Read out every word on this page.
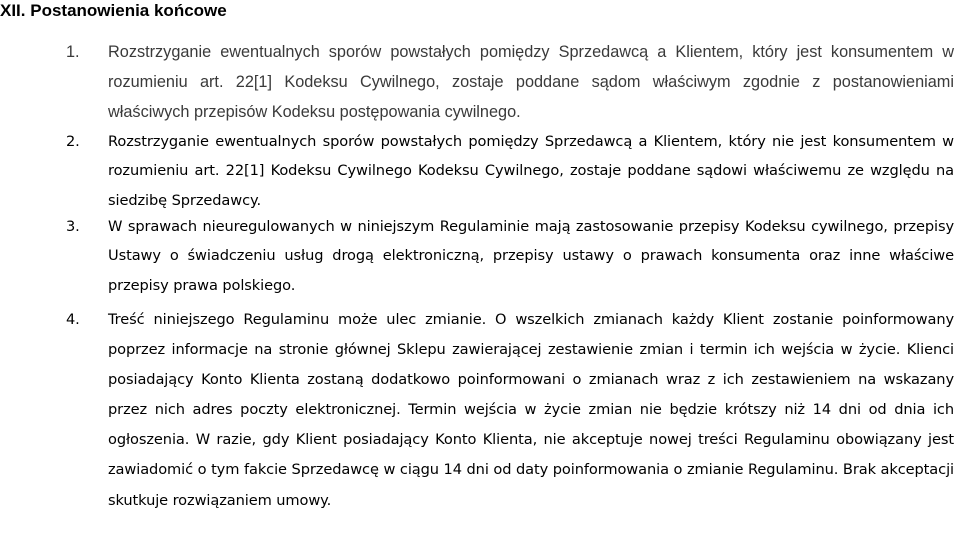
XII. Postanowienia końcowe
1. Rozstrzyganie ewentualnych sporów powstałych pomiędzy Sprzedawcą a Klientem, który jest konsumentem w rozumieniu art. 22[1] Kodeksu Cywilnego, zostaje poddane sądom właściwym zgodnie z postanowieniami właściwych przepisów Kodeksu postępowania cywilnego.

2. Rozstrzyganie ewentualnych sporów powstałych pomiędzy Sprzedawcą a Klientem, który nie jest konsumentem w rozumieniu art. 22[1] Kodeksu Cywilnego Kodeksu Cywilnego, zostaje poddane sądowi właściwemu ze względu na siedzibę Sprzedawcy.

3. W sprawach nieuregulowanych w niniejszym Regulaminie mają zastosowanie przepisy Kodeksu cywilnego, przepisy Ustawy o świadczeniu usług drogą elektroniczną, przepisy ustawy o prawach konsumenta oraz inne właściwe przepisy prawa polskiego.

4. Treść niniejszego Regulaminu może ulec zmianie. O wszelkich zmianach każdy Klient zostanie poinformowany poprzez informacje na stronie głównej Sklepu zawierającej zestawienie zmian i termin ich wejścia w życie. Klienci posiadający Konto Klienta zostaną dodatkowo poinformowani o zmianach wraz z ich zestawieniem na wskazany przez nich adres poczty elektronicznej. Termin wejścia w życie zmian nie będzie krótszy niż 14 dni od dnia ich ogłoszenia. W razie, gdy Klient posiadający Konto Klienta, nie akceptuje nowej treści Regulaminu obowiązany jest zawiadomić o tym fakcie Sprzedawcę w ciągu 14 dni od daty poinformowania o zmianie Regulaminu. Brak akceptacji skutkuje rozwiązaniem umowy.
